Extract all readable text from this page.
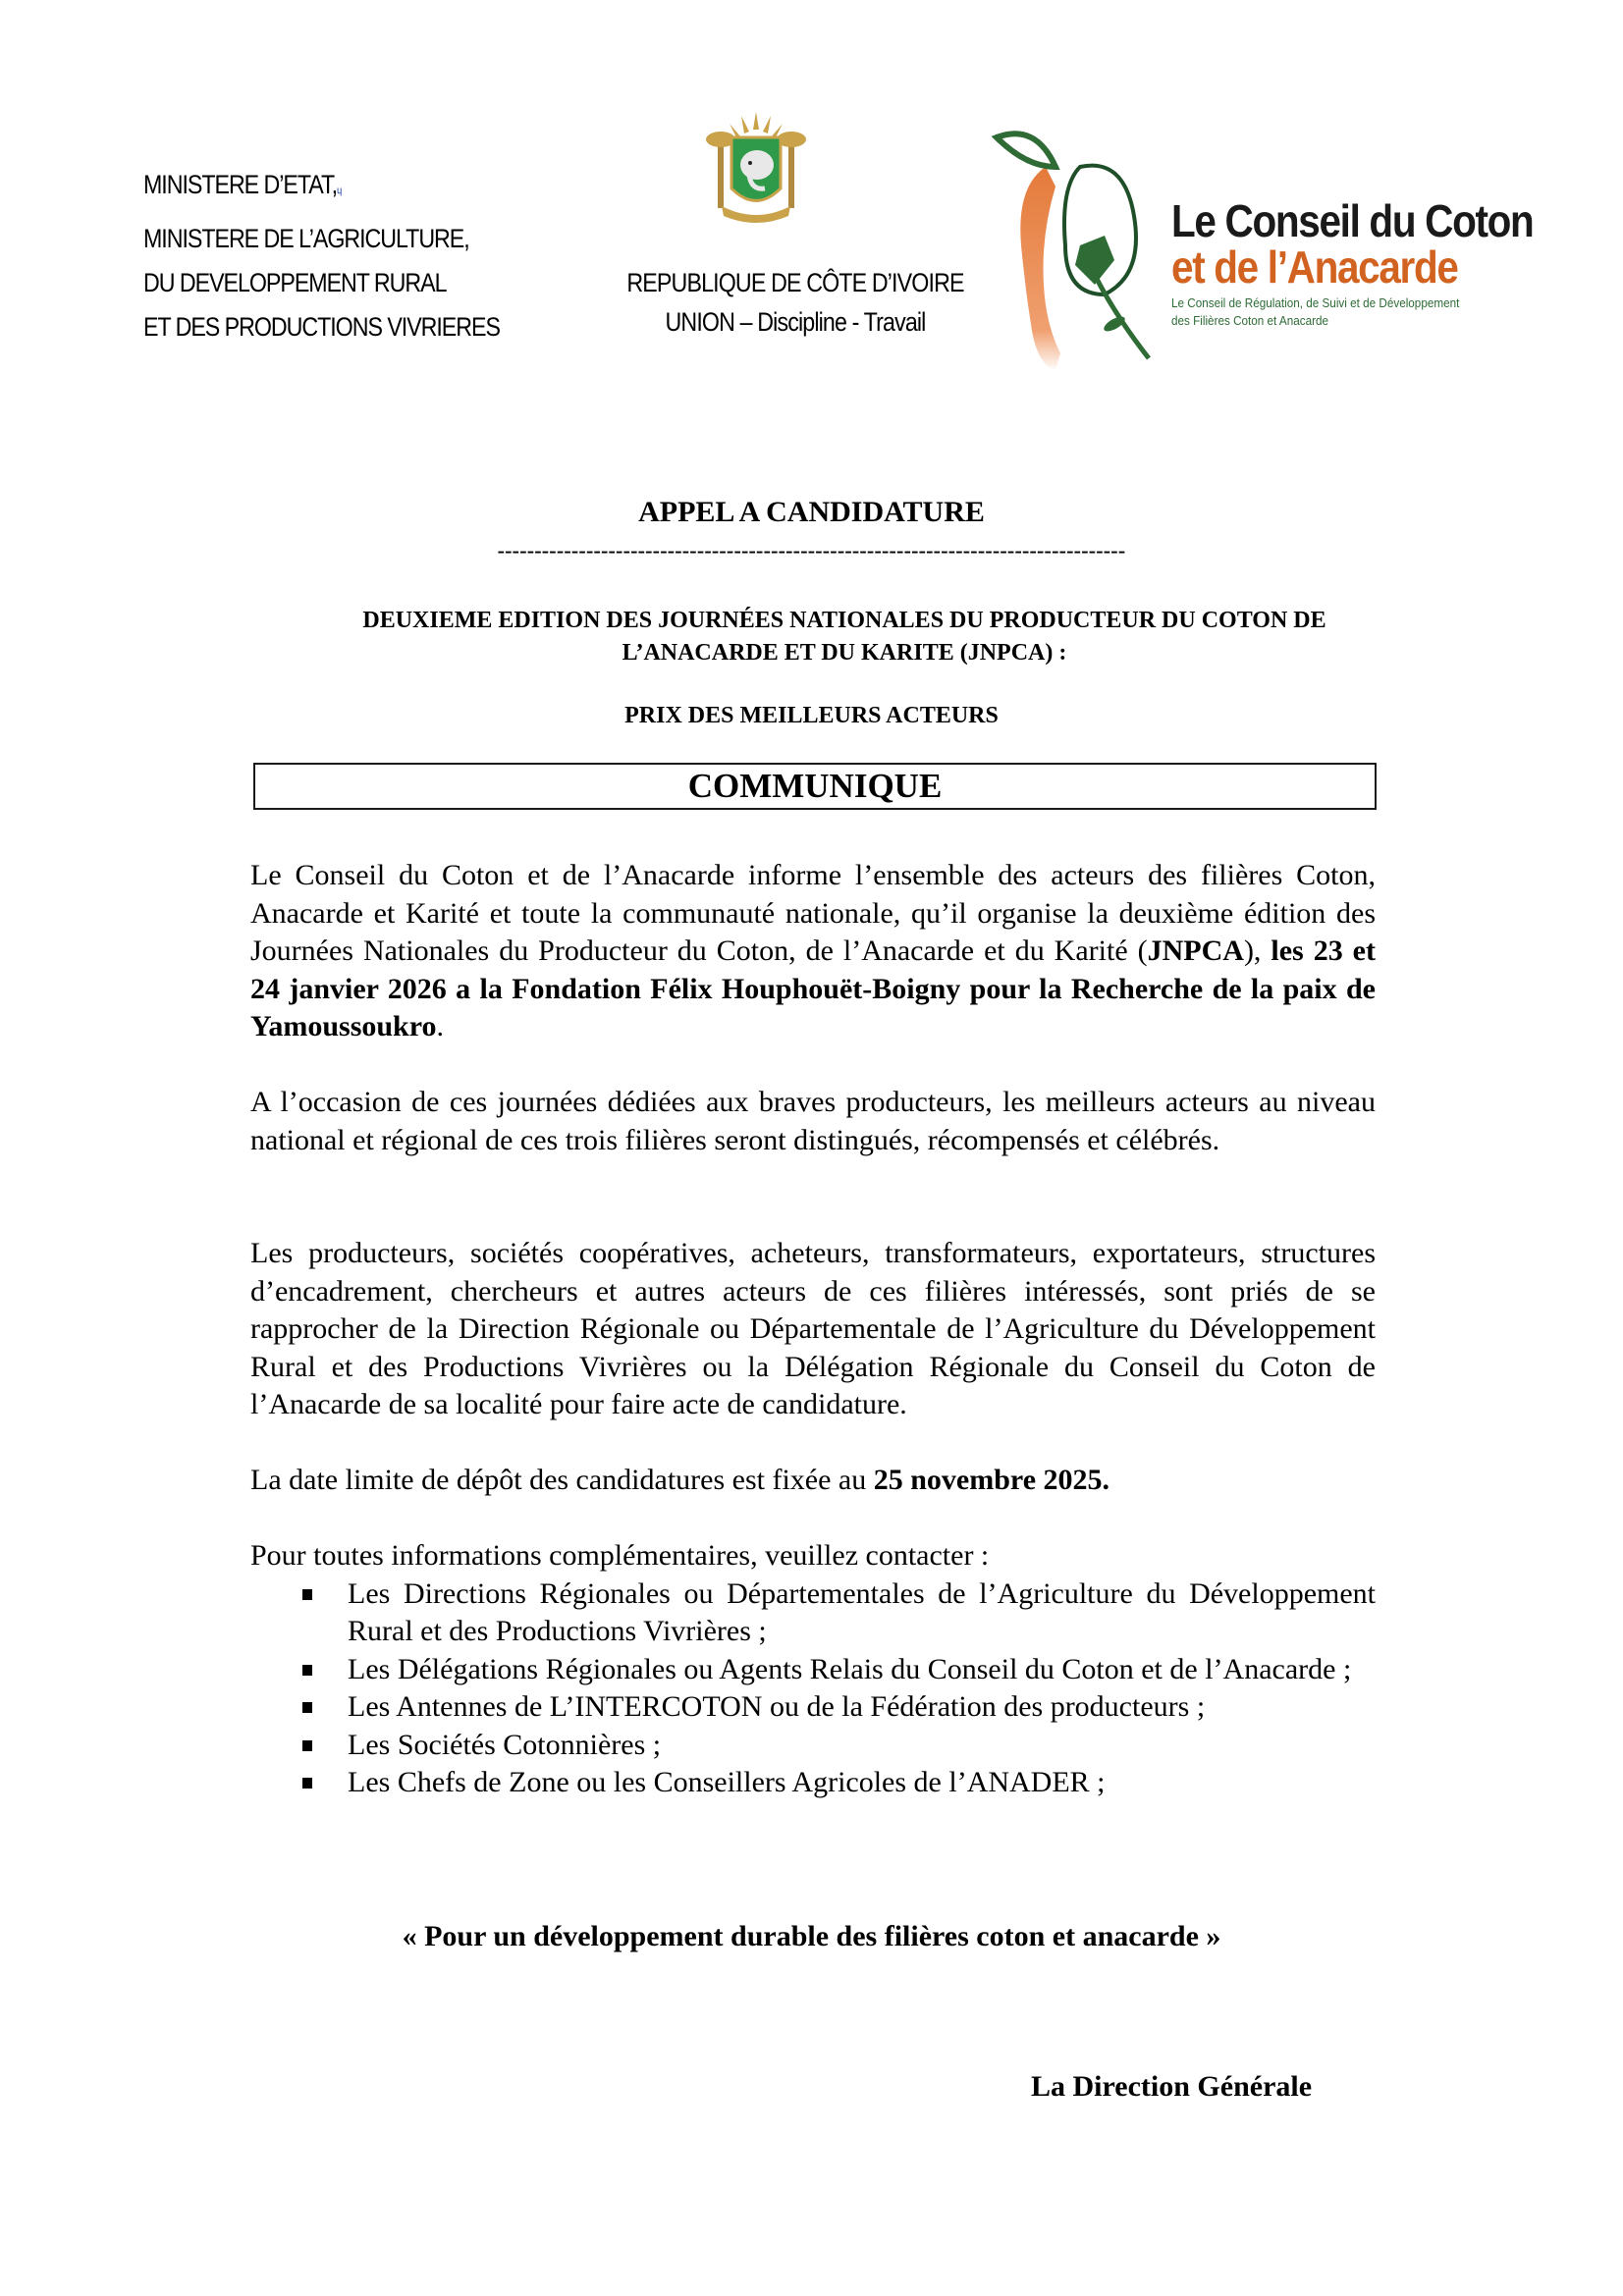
MINISTERE $D’ETAT,_ᶣ$
MINISTERE DE L’AGRICULTURE,
DU DEVELOPPEMENT RURAL
ET DES PRODUCTIONS VIVRIERES
REPUBLIQUE DE CÔTE D’IVOIRE
UNION – Discipline - Travail
Le Conseil du Coton
et de l’Anacarde
Le Conseil de Régulation, de Suivi et de Développement
des Filières Coton et Anacarde
APPEL A CANDIDATURE
-------------------------------------------------------------------------------------
DEUXIEME EDITION DES JOURNÉES NATIONALES DU PRODUCTEUR DU COTON DE
L’ANACARDE ET DU KARITE (JNPCA) :
PRIX DES MEILLEURS ACTEURS
COMMUNIQUE
Le Conseil du Coton et de l’Anacarde informe l’ensemble des acteurs des filières Coton, Anacarde et Karité et toute la communauté nationale, qu’il organise la deuxième édition des Journées Nationales du Producteur du Coton, de l’Anacarde et du Karité (JNPCA), les 23 et 24 janvier 2026 a la Fondation Félix Houphouët-Boigny pour la Recherche de la paix de Yamoussoukro.
A l’occasion de ces journées dédiées aux braves producteurs, les meilleurs acteurs au niveau national et régional de ces trois filières seront distingués, récompensés et célébrés.
Les producteurs, sociétés coopératives, acheteurs, transformateurs, exportateurs, structures d’encadrement, chercheurs et autres acteurs de ces filières intéressés, sont priés de se rapprocher de la Direction Régionale ou Départementale de l’Agriculture du Développement Rural et des Productions Vivrières ou la Délégation Régionale du Conseil du Coton de l’Anacarde de sa localité pour faire acte de candidature.
La date limite de dépôt des candidatures est fixée au 25 novembre 2025.
Pour toutes informations complémentaires, veuillez contacter :
Les Directions Régionales ou Départementales de l’Agriculture du Développement Rural et des Productions Vivrières ;
Les Délégations Régionales ou Agents Relais du Conseil du Coton et de l’Anacarde ;
Les Antennes de L’INTERCOTON ou de la Fédération des producteurs ;
Les Sociétés Cotonnières ;
Les Chefs de Zone ou les Conseillers Agricoles de l’ANADER ;
« Pour un développement durable des filières coton et anacarde »
La Direction Générale
